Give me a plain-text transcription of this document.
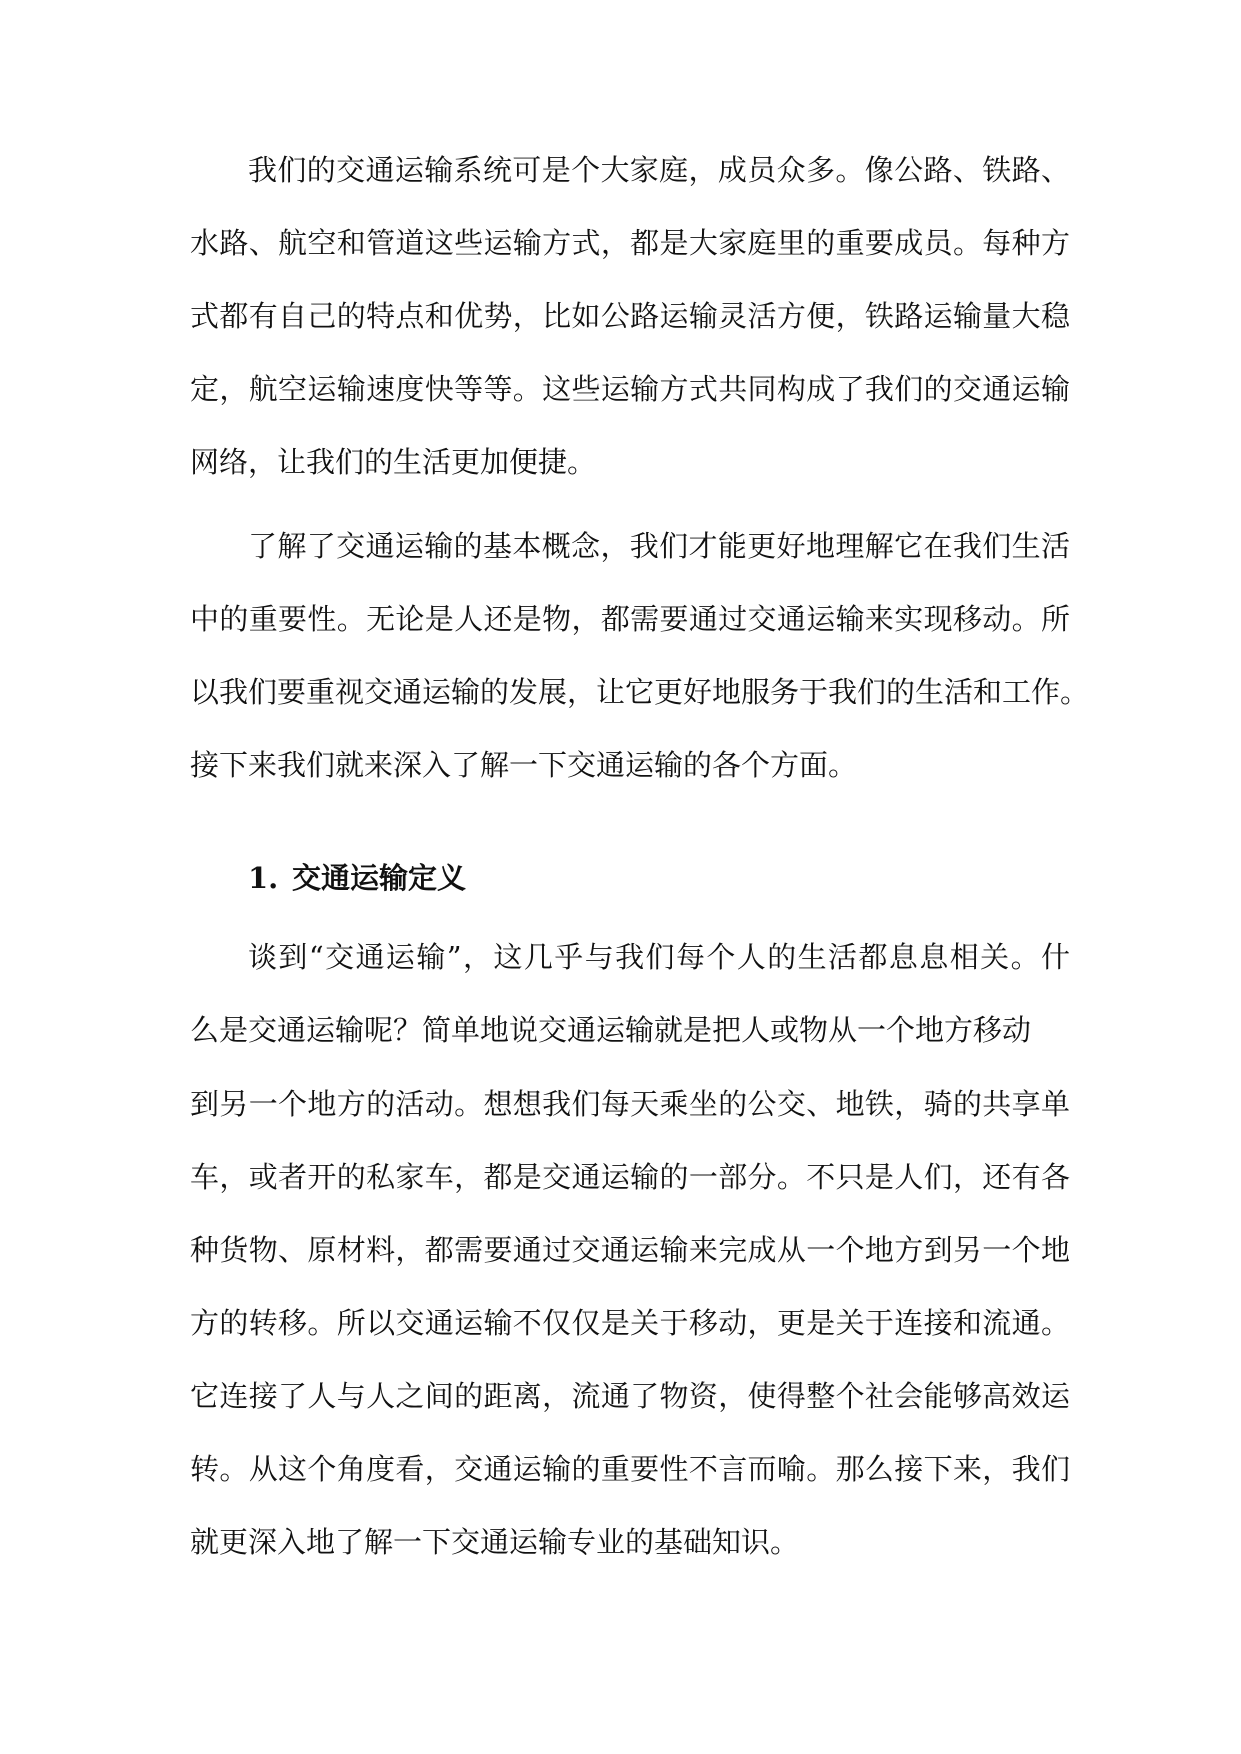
我们的交通运输系统可是个大家庭，成员众多。像公路、铁路、
水路、航空和管道这些运输方式，都是大家庭里的重要成员。每种方
式都有自己的特点和优势，比如公路运输灵活方便，铁路运输量大稳
定，航空运输速度快等等。这些运输方式共同构成了我们的交通运输
网络，让我们的生活更加便捷。
了解了交通运输的基本概念，我们才能更好地理解它在我们生活
中的重要性。无论是人还是物，都需要通过交通运输来实现移动。所
以我们要重视交通运输的发展，让它更好地服务于我们的生活和工作。
接下来我们就来深入了解一下交通运输的各个方面。
1. 交通运输定义
谈到“交通运输”，这几乎与我们每个人的生活都息息相关。什
么是交通运输呢？简单地说交通运输就是把人或物从一个地方移动
到另一个地方的活动。想想我们每天乘坐的公交、地铁，骑的共享单
车，或者开的私家车，都是交通运输的一部分。不只是人们，还有各
种货物、原材料，都需要通过交通运输来完成从一个地方到另一个地
方的转移。所以交通运输不仅仅是关于移动，更是关于连接和流通。
它连接了人与人之间的距离，流通了物资，使得整个社会能够高效运
转。从这个角度看，交通运输的重要性不言而喻。那么接下来，我们
就更深入地了解一下交通运输专业的基础知识。
